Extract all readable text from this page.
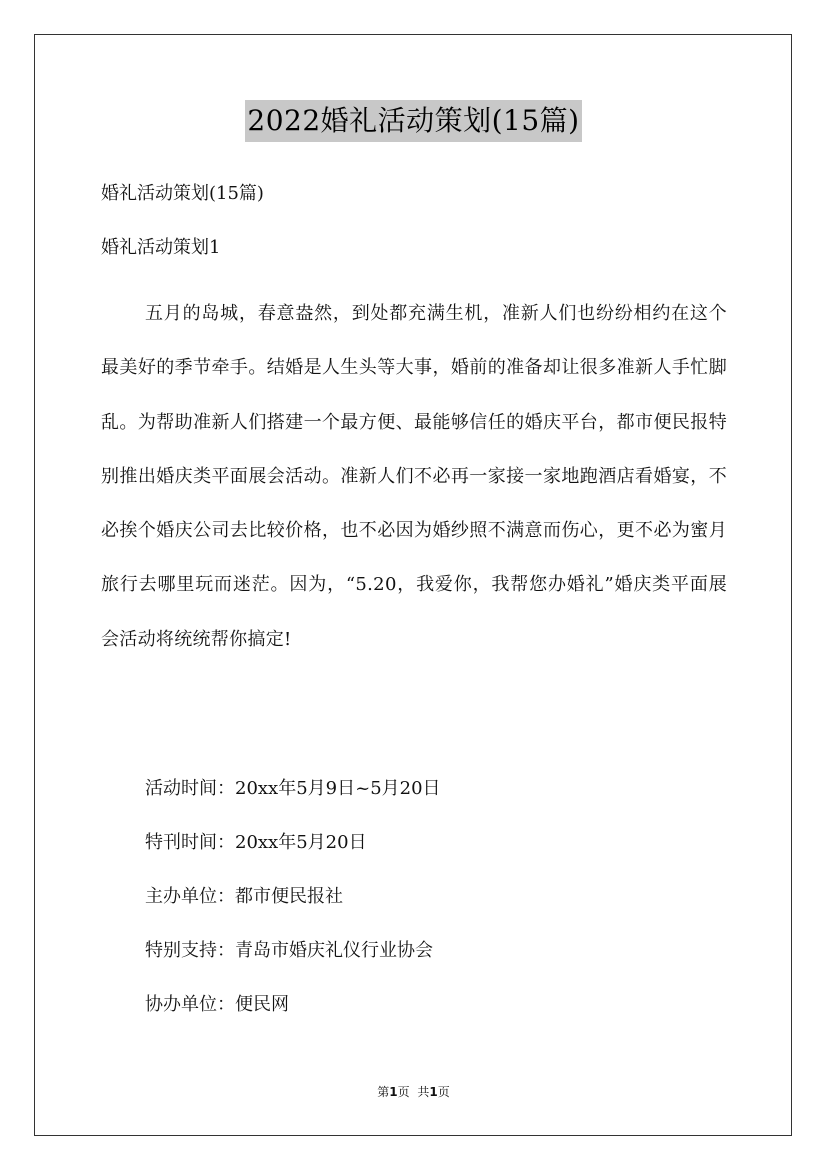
2022婚礼活动策划(15篇)
婚礼活动策划(15篇)
婚礼活动策划1
五月的岛城，春意盎然，到处都充满生机，准新人们也纷纷相约在这个最美好的季节牵手。结婚是人生头等大事，婚前的准备却让很多准新人手忙脚乱。为帮助准新人们搭建一个最方便、最能够信任的婚庆平台，都市便民报特别推出婚庆类平面展会活动。准新人们不必再一家接一家地跑酒店看婚宴，不必挨个婚庆公司去比较价格，也不必因为婚纱照不满意而伤心，更不必为蜜月旅行去哪里玩而迷茫。因为，“5.20，我爱你，我帮您办婚礼”婚庆类平面展会活动将统统帮你搞定!
活动时间：20xx年5月9日~5月20日
特刊时间：20xx年5月20日
主办单位：都市便民报社
特别支持：青岛市婚庆礼仪行业协会
协办单位：便民网
第1页 共1页
